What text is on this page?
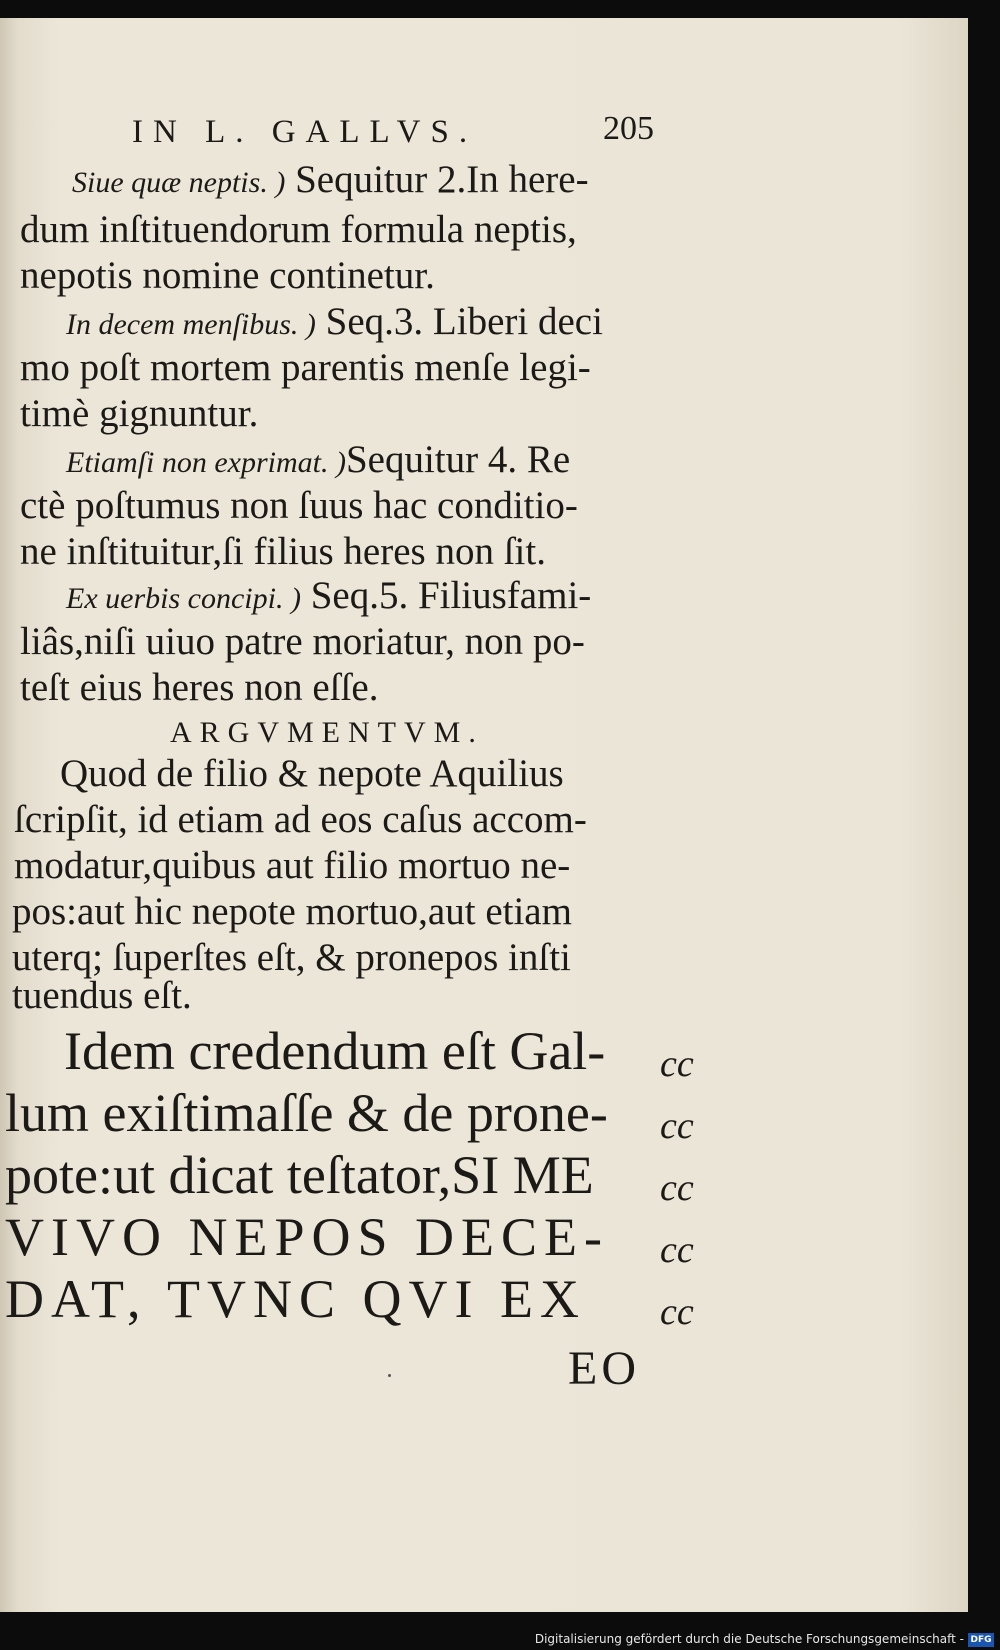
IN L. GALLVS.	205
Siue quæ neptis. ) Sequitur 2.In here-
dum inſtituendorum formula neptis,
nepotis nomine continetur.
In decem menſibus. ) Seq.3. Liberi deci
mo poſt mortem parentis menſe legi-
timè gignuntur.
Etiamſi non exprimat. )Sequitur 4. Re
ctè poſtumus non ſuus hac conditio-
ne inſtituitur,ſi filius heres non ſit.
Ex uerbis concipi. ) Seq.5. Filiusfami-
liâs,niſi uiuo patre moriatur, non po-
teſt eius heres non eſſe.
ARGVMENTVM.
Quod de filio & nepote Aquilius
ſcripſit, id etiam ad eos caſus accom-
modatur,quibus aut filio mortuo ne-
pos:aut hic nepote mortuo,aut etiam
uterq; ſuperſtes eſt, & pronepos inſti
tuendus eſt.
Idem credendum eſt Gal-
lum exiſtimaſſe & de prone-
pote:ut dicat teſtator,SI ME
VIVO NEPOS DECE-
DAT, TVNC QVI EX
cc
cc
cc
cc
cc
EO
Digitalisierung gefördert durch die Deutsche Forschungsgemeinschaft - DFG
